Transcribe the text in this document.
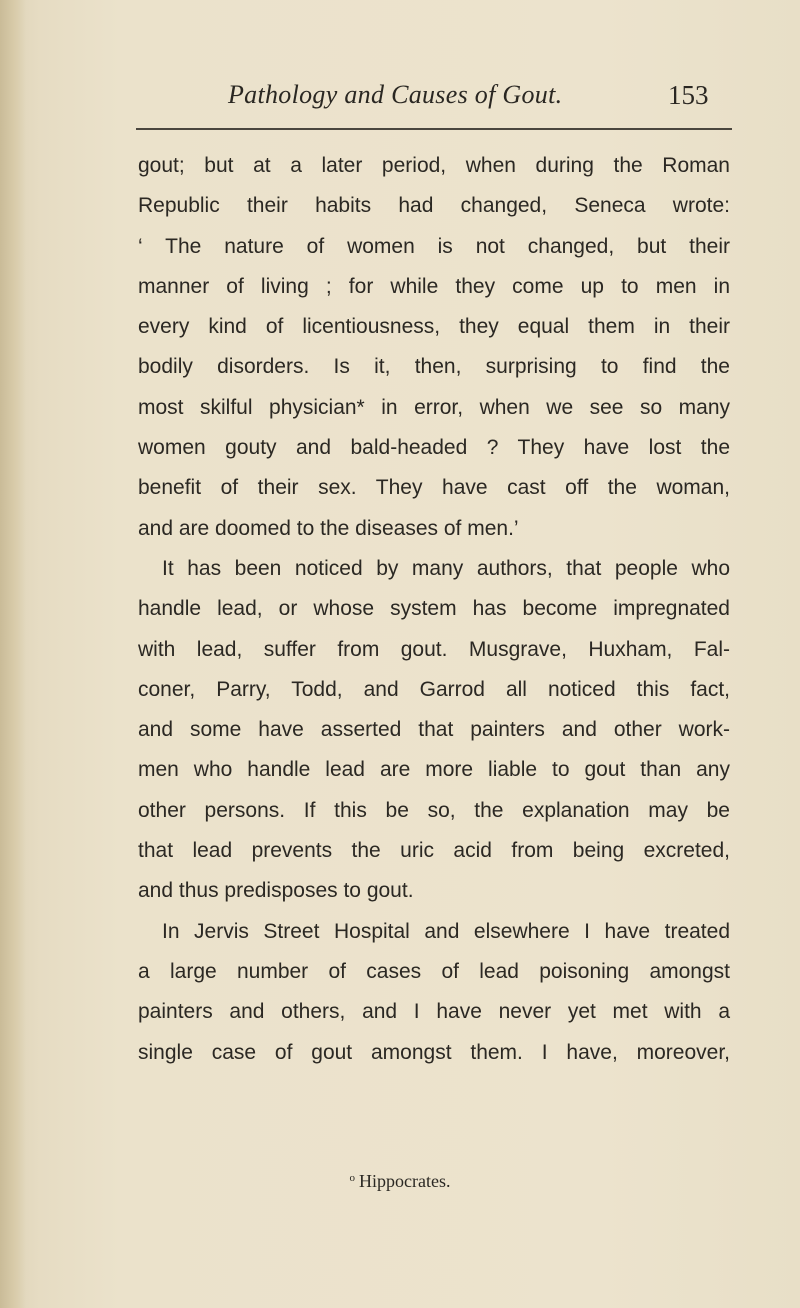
Pathology and Causes of Gout.	153
gout; but at a later period, when during the Roman
Republic their habits had changed, Seneca wrote:
‘ The nature of women is not changed, but their
manner of living ; for while they come up to men in
every kind of licentiousness, they equal them in their
bodily disorders. Is it, then, surprising to find the
most skilful physician* in error, when we see so many
women gouty and bald-headed ? They have lost the
benefit of their sex. They have cast off the woman,
and are doomed to the diseases of men.’
It has been noticed by many authors, that people who
handle lead, or whose system has become impregnated
with lead, suffer from gout. Musgrave, Huxham, Fal-
coner, Parry, Todd, and Garrod all noticed this fact,
and some have asserted that painters and other work-
men who handle lead are more liable to gout than any
other persons. If this be so, the explanation may be
that lead prevents the uric acid from being excreted,
and thus predisposes to gout.
In Jervis Street Hospital and elsewhere I have treated
a large number of cases of lead poisoning amongst
painters and others, and I have never yet met with a
single case of gout amongst them. I have, moreover,
$^o$ Hippocrates.
